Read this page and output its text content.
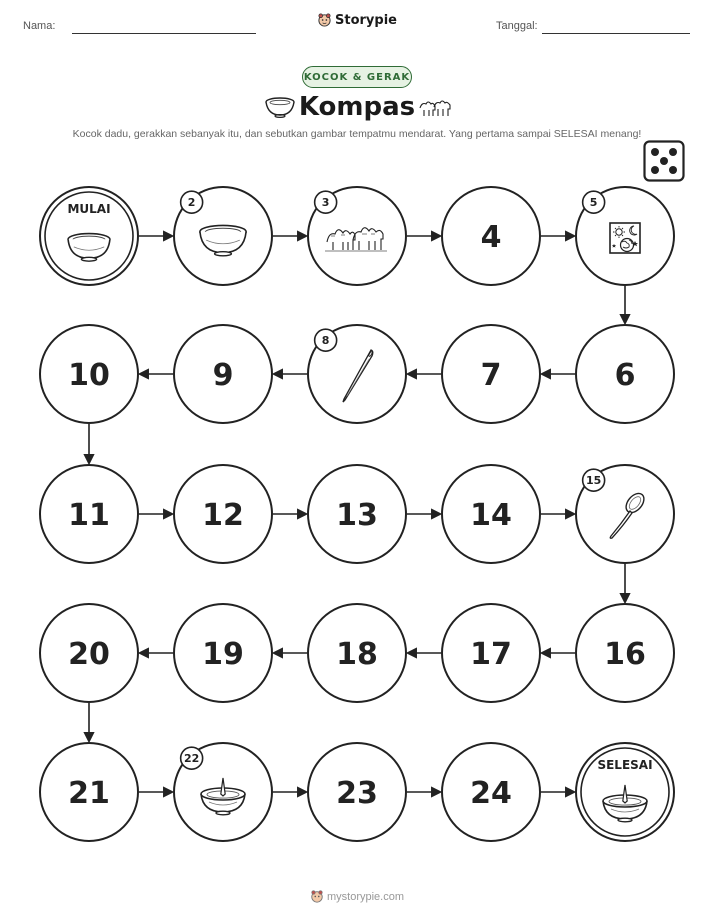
Nama:	Storypie	Tanggal:
KOCOK & GERAK
Kompas
Kocok dadu, gerakkan sebanyak itu, dan sebutkan gambar tempatmu mendarat. Yang pertama sampai SELESAI menang!
MULAI	2	3
4
5
6
7
8
9
10
11	12	13	14
15
16
17
18
19
20
21
22
23	24
SELESAI
mystorypie.com
